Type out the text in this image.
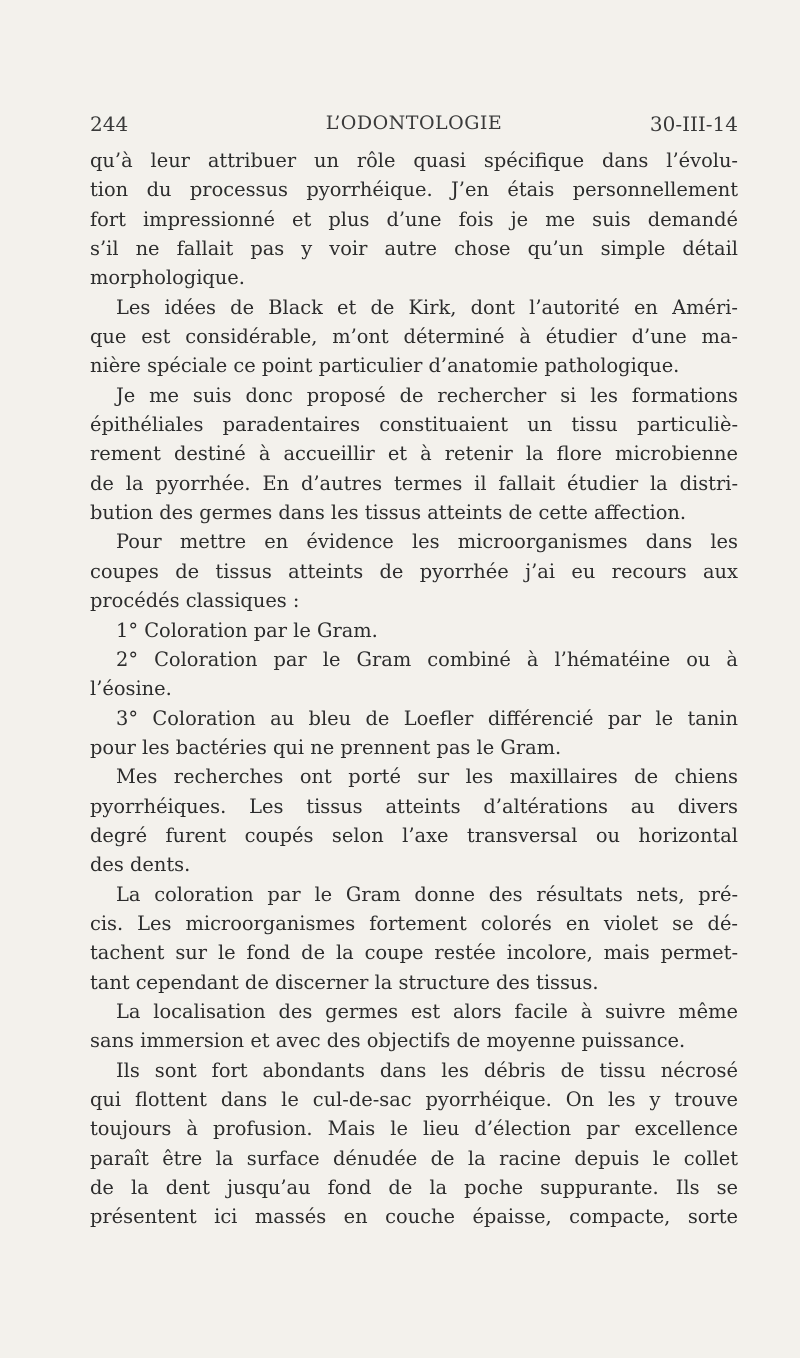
244	L’ODONTOLOGIE	30-III-14
qu’à leur attribuer un rôle quasi spécifique dans l’évolu-
tion du processus pyorrhéique. J’en étais personnellement
fort impressionné et plus d’une fois je me suis demandé
s’il ne fallait pas y voir autre chose qu’un simple détail
morphologique.
Les idées de Black et de Kirk, dont l’autorité en Améri-
que est considérable, m’ont déterminé à étudier d’une ma-
nière spéciale ce point particulier d’anatomie pathologique.
Je me suis donc proposé de rechercher si les formations
épithéliales paradentaires constituaient un tissu particuliè-
rement destiné à accueillir et à retenir la flore microbienne
de la pyorrhée. En d’autres termes il fallait étudier la distri-
bution des germes dans les tissus atteints de cette affection.
Pour mettre en évidence les microorganismes dans les
coupes de tissus atteints de pyorrhée j’ai eu recours aux
procédés classiques :
1° Coloration par le Gram.
2° Coloration par le Gram combiné à l’hématéine ou à
l’éosine.
3° Coloration au bleu de Loefler différencié par le tanin
pour les bactéries qui ne prennent pas le Gram.
Mes recherches ont porté sur les maxillaires de chiens
pyorrhéiques. Les tissus atteints d’altérations au divers
degré furent coupés selon l’axe transversal ou horizontal
des dents.
La coloration par le Gram donne des résultats nets, pré-
cis. Les microorganismes fortement colorés en violet se dé-
tachent sur le fond de la coupe restée incolore, mais permet-
tant cependant de discerner la structure des tissus.
La localisation des germes est alors facile à suivre même
sans immersion et avec des objectifs de moyenne puissance.
Ils sont fort abondants dans les débris de tissu nécrosé
qui flottent dans le cul-de-sac pyorrhéique. On les y trouve
toujours à profusion. Mais le lieu d’élection par excellence
paraît être la surface dénudée de la racine depuis le collet
de la dent jusqu’au fond de la poche suppurante. Ils se
présentent ici massés en couche épaisse, compacte, sorte
